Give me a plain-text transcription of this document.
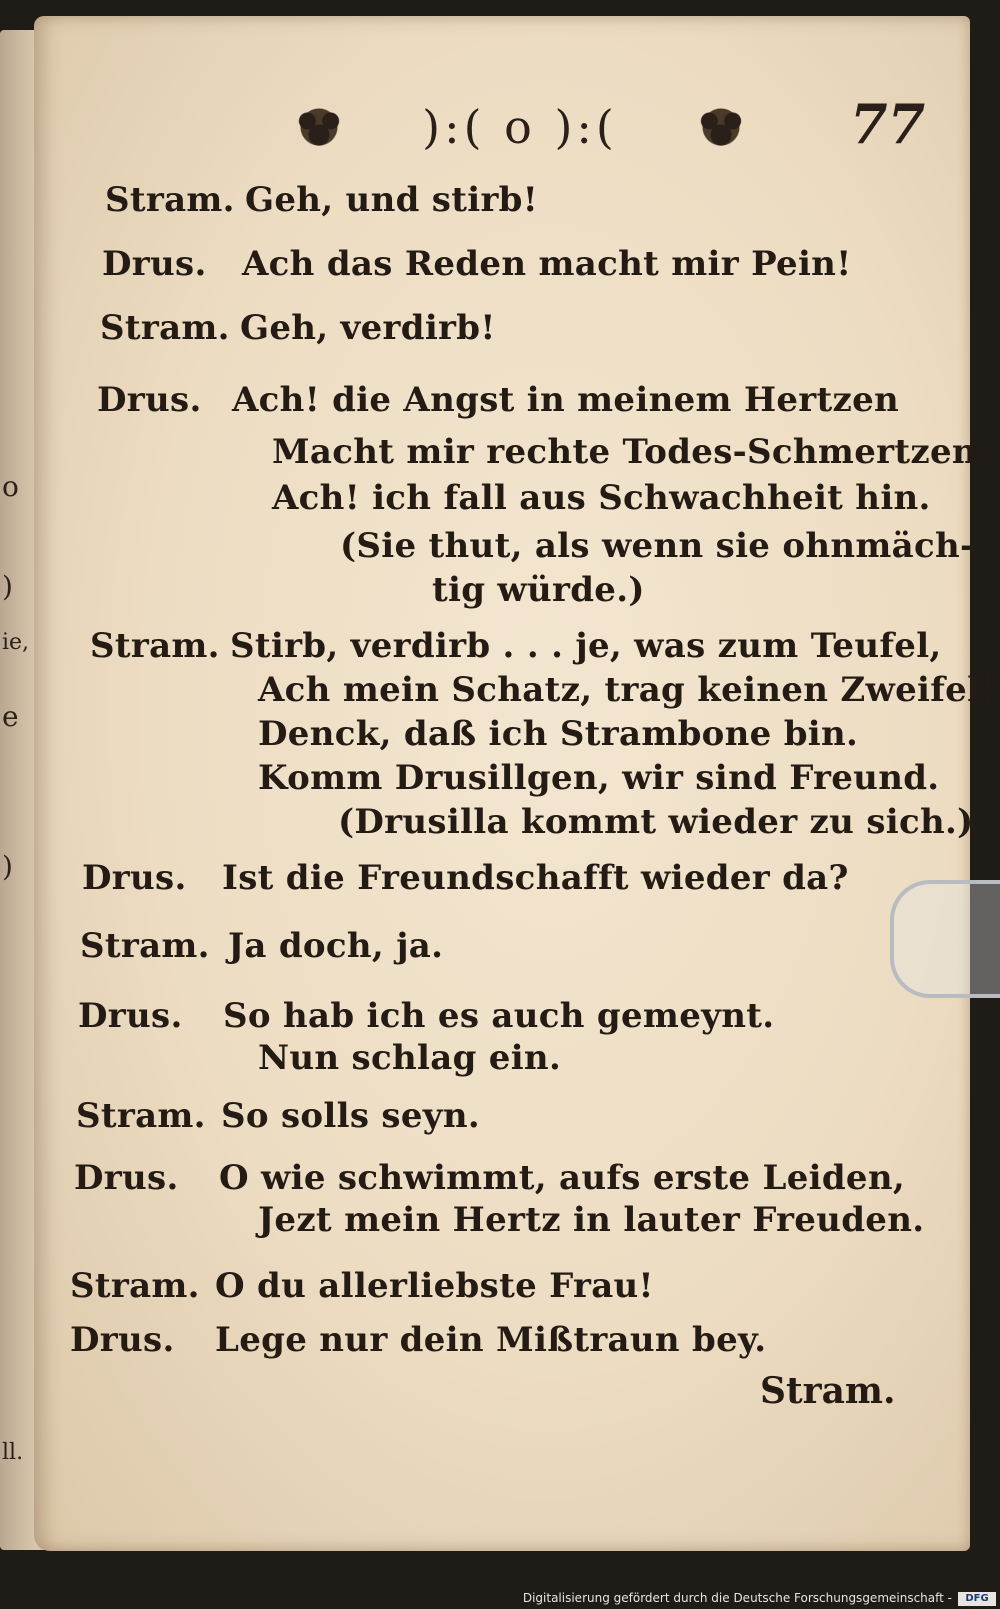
o
)
ie,
e
)
ll.
):( o ):(	77
Stram. Geh, und stirb!
Drus. Ach das Reden macht mir Pein!
Stram. Geh, verdirb!
Drus. Ach! die Angst in meinem Hertzen
Macht mir rechte Todes-Schmertzen.
Ach! ich fall aus Schwachheit hin.
(Sie thut, als wenn sie ohnmäch-
tig würde.)
Stram. Stirb, verdirb . . . je, was zum Teufel,
Ach mein Schatz, trag keinen Zweifel!
Denck, daß ich Strambone bin.
Komm Drusillgen, wir sind Freund.
(Drusilla kommt wieder zu sich.)
Drus. Ist die Freundschafft wieder da?
Stram. Ja doch, ja.
Drus. So hab ich es auch gemeynt.
Nun schlag ein.
Stram. So solls seyn.
Drus. O wie schwimmt, aufs erste Leiden,
Jezt mein Hertz in lauter Freuden.
Stram. O du allerliebste Frau!
Drus. Lege nur dein Mißtraun bey.
Stram.
Digitalisierung gefördert durch die Deutsche Forschungsgemeinschaft -	DFG
